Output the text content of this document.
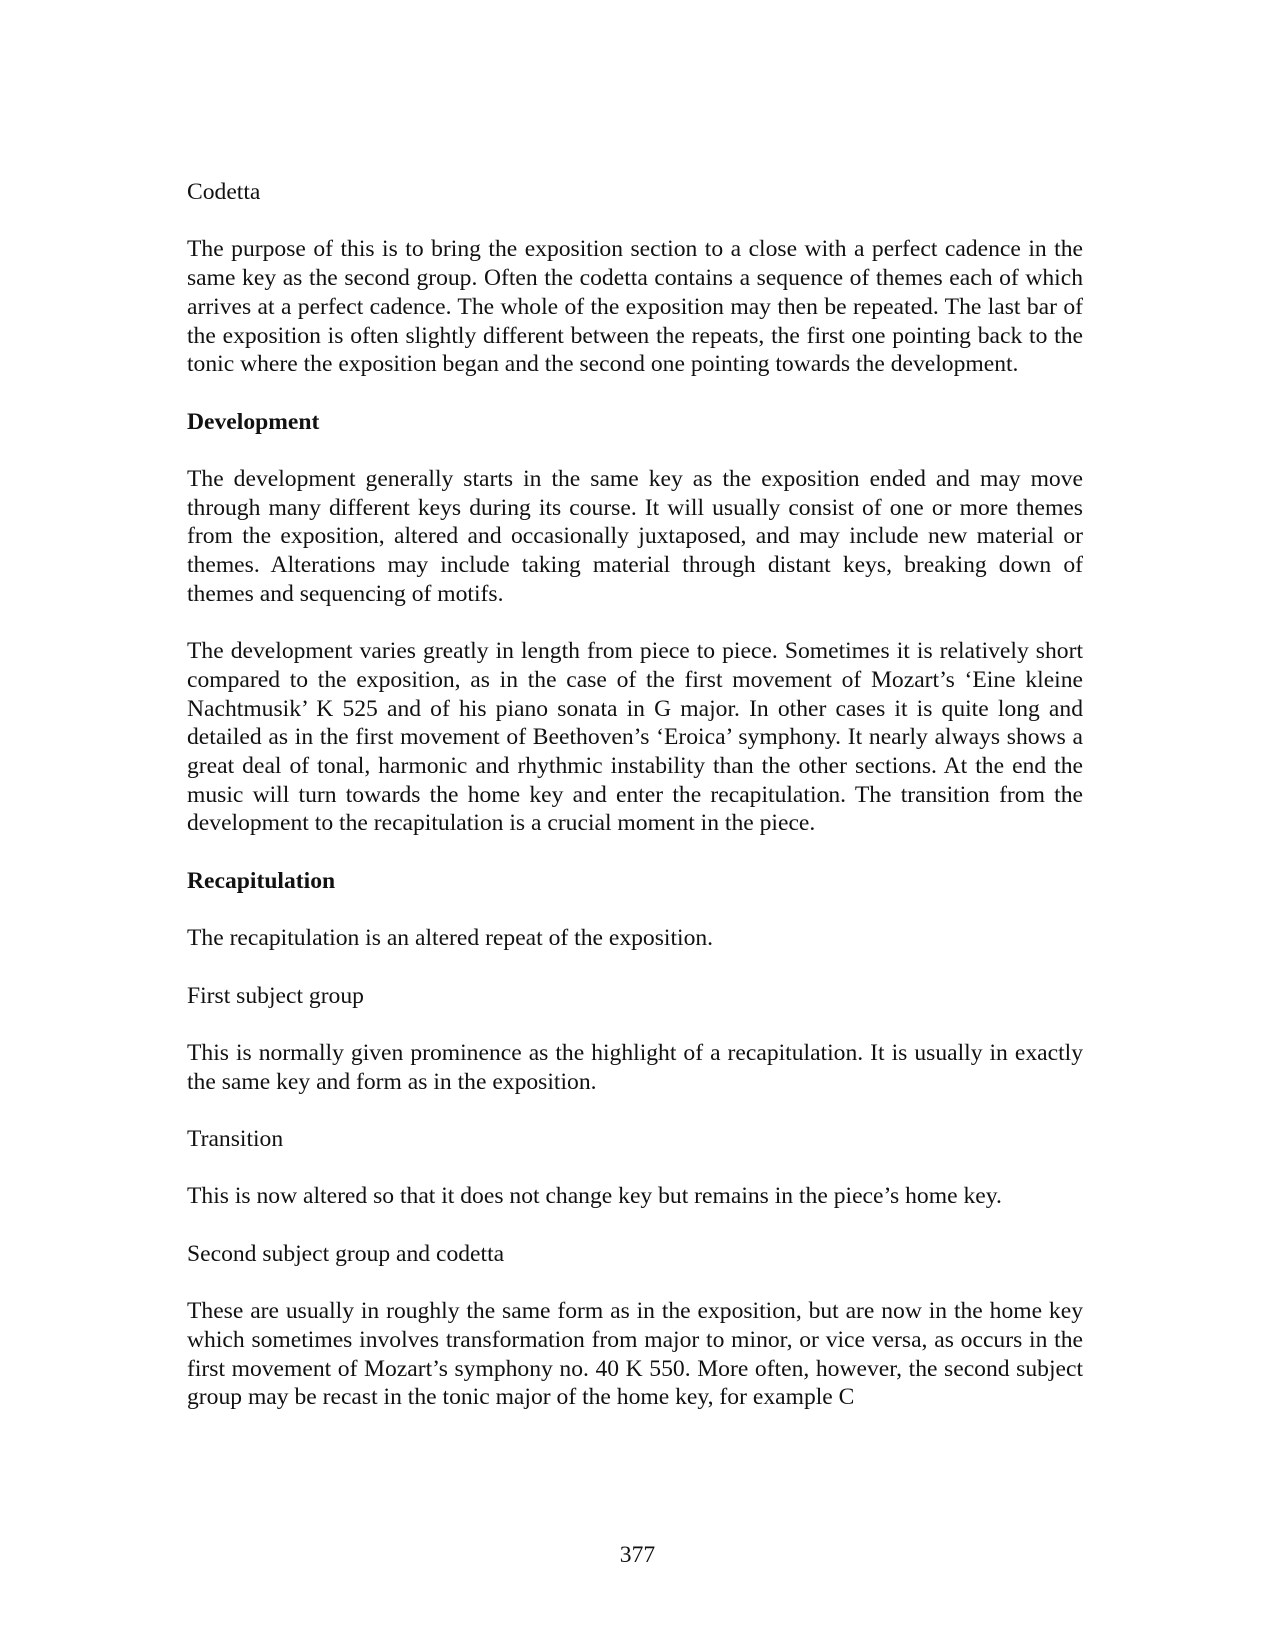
Codetta
The purpose of this is to bring the exposition section to a close with a perfect cadence in the same key as the second group. Often the codetta contains a sequence of themes each of which arrives at a perfect cadence. The whole of the exposition may then be repeated. The last bar of the exposition is often slightly different between the repeats, the first one pointing back to the tonic where the exposition began and the second one pointing towards the development.
Development
The development generally starts in the same key as the exposition ended and may move through many different keys during its course. It will usually consist of one or more themes from the exposition, altered and occasionally juxtaposed, and may include new material or themes. Alterations may include taking material through distant keys, breaking down of themes and sequencing of motifs.
The development varies greatly in length from piece to piece. Sometimes it is relatively short compared to the exposition, as in the case of the first movement of Mozart’s ‘Eine kleine Nachtmusik’ K 525 and of his piano sonata in G major. In other cases it is quite long and detailed as in the first movement of Beethoven’s ‘Eroica’ symphony. It nearly always shows a great deal of tonal, harmonic and rhythmic instability than the other sections. At the end the music will turn towards the home key and enter the recapitulation. The transition from the development to the recapitulation is a crucial moment in the piece.
Recapitulation
The recapitulation is an altered repeat of the exposition.
First subject group
This is normally given prominence as the highlight of a recapitulation. It is usually in exactly the same key and form as in the exposition.
Transition
This is now altered so that it does not change key but remains in the piece’s home key.
Second subject group and codetta
These are usually in roughly the same form as in the exposition, but are now in the home key which sometimes involves transformation from major to minor, or vice versa, as occurs in the first movement of Mozart’s symphony no. 40 K 550. More often, however, the second subject group may be recast in the tonic major of the home key, for example C
377
